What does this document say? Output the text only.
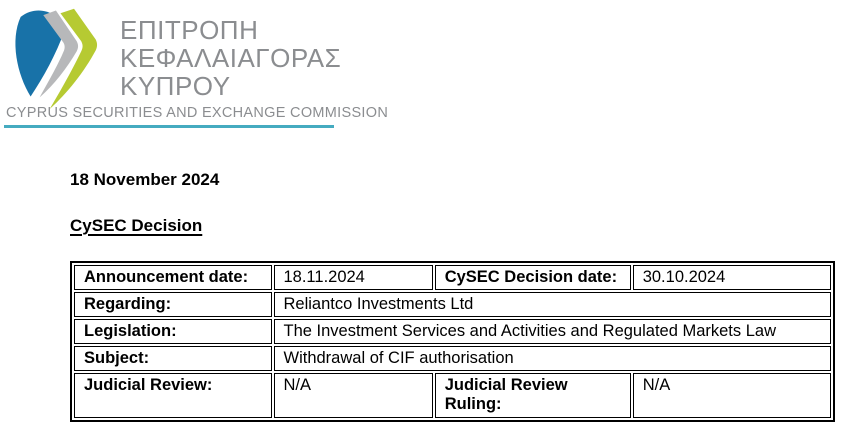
ΕΠΙΤΡΟΠΗ
ΚΕΦΑΛΑΙΑΓΟΡΑΣ
ΚΥΠΡΟΥ
CYPRUS SECURITIES AND EXCHANGE COMMISSION

18 November 2024

CySEC Decision

Announcement date:	18.11.2024	CySEC Decision date:	30.10.2024
Regarding:	Reliantco Investments Ltd		
Legislation:	The Investment Services and Activities and Regulated Markets Law		
Subject:	Withdrawal of CIF authorisation		
Judicial Review:	N/A	Judicial Review Ruling:	N/A
